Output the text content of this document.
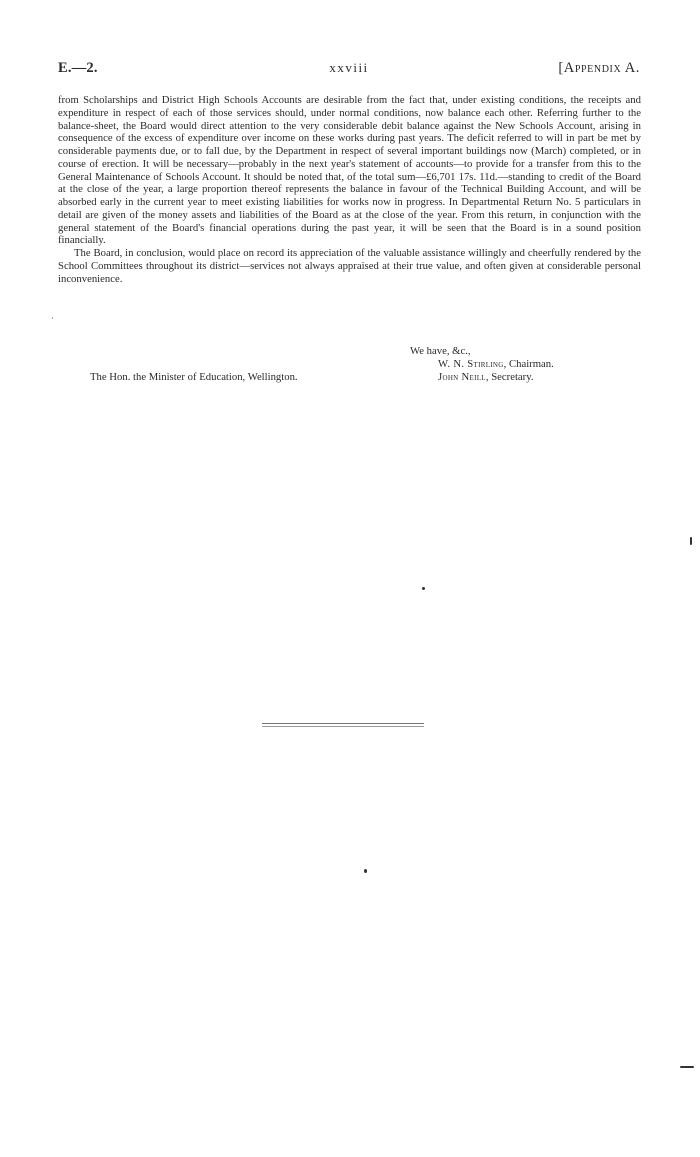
E.—2.	xxviii	[Appendix A.

from Scholarships and District High Schools Accounts are desirable from the fact that, under existing conditions, the receipts and expenditure in respect of each of those services should, under normal conditions, now balance each other. Referring further to the balance-sheet, the Board would direct attention to the very considerable debit balance against the New Schools Account, arising in consequence of the excess of expenditure over income on these works during past years. The deficit referred to will in part be met by considerable payments due, or to fall due, by the Department in respect of several important buildings now (March) completed, or in course of erection. It will be necessary—probably in the next year's statement of accounts—to provide for a transfer from this to the General Maintenance of Schools Account. It should be noted that, of the total sum—£6,701 17s. 11d.—standing to credit of the Board at the close of the year, a large proportion thereof represents the balance in favour of the Technical Building Account, and will be absorbed early in the current year to meet existing liabilities for works now in progress. In Departmental Return No. 5 particulars in detail are given of the money assets and liabilities of the Board as at the close of the year. From this return, in conjunction with the general statement of the Board's financial operations during the past year, it will be seen that the Board is in a sound position financially.

The Board, in conclusion, would place on record its appreciation of the valuable assistance willingly and cheerfully rendered by the School Committees throughout its district—services not always appraised at their true value, and often given at considerable personal inconvenience.

We have, &c.,
W. N. Stirling, Chairman.
John Neill, Secretary.
The Hon. the Minister of Education, Wellington.
